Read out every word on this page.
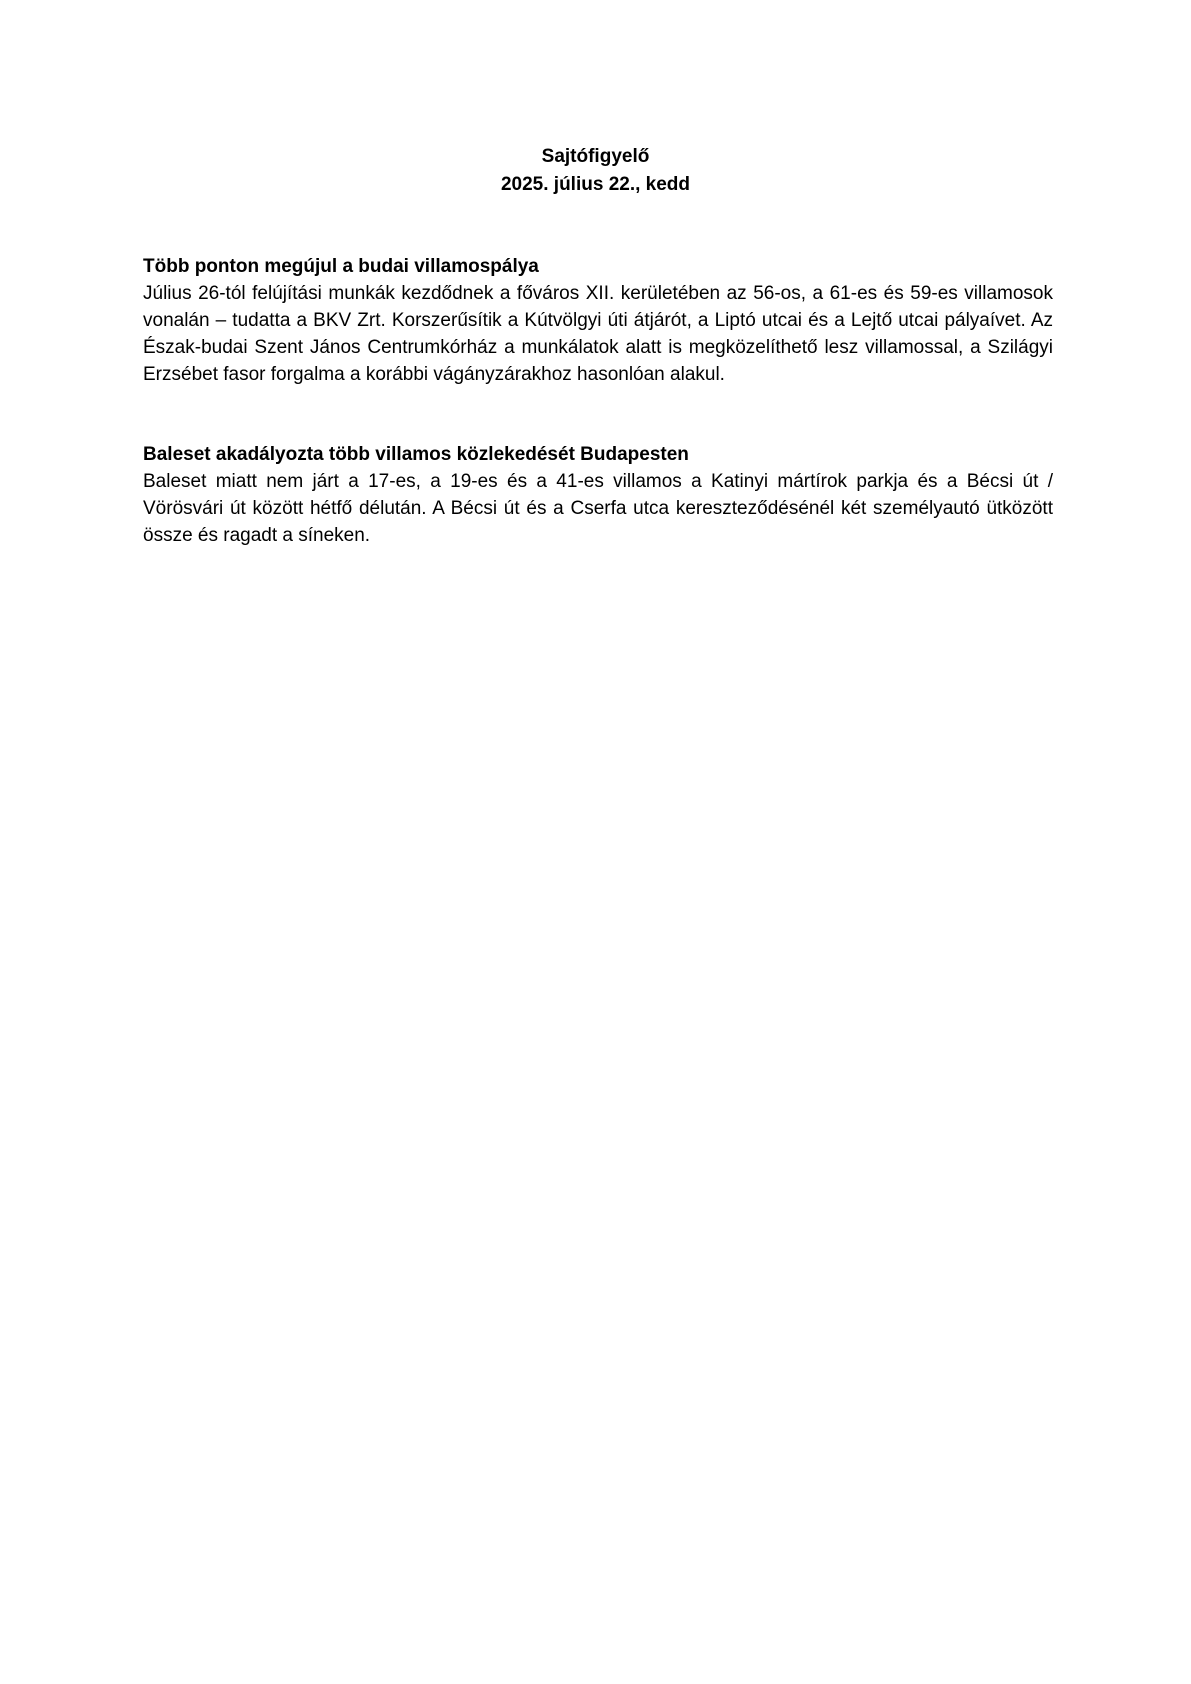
Sajtófigyelő
2025. július 22., kedd

Több ponton megújul a budai villamospálya

Július 26-tól felújítási munkák kezdődnek a főváros XII. kerületében az 56-os, a 61-es és 59-es villamosok vonalán – tudatta a BKV Zrt. Korszerűsítik a Kútvölgyi úti átjárót, a Liptó utcai és a Lejtő utcai pályaívet. Az Észak-budai Szent János Centrumkórház a munkálatok alatt is megközelíthető lesz villamossal, a Szilágyi Erzsébet fasor forgalma a korábbi vágányzárakhoz hasonlóan alakul.

Baleset akadályozta több villamos közlekedését Budapesten

Baleset miatt nem járt a 17-es, a 19-es és a 41-es villamos a Katinyi mártírok parkja és a Bécsi út / Vörösvári út között hétfő délután. A Bécsi út és a Cserfa utca kereszteződésénél két személyautó ütközött össze és ragadt a síneken.
